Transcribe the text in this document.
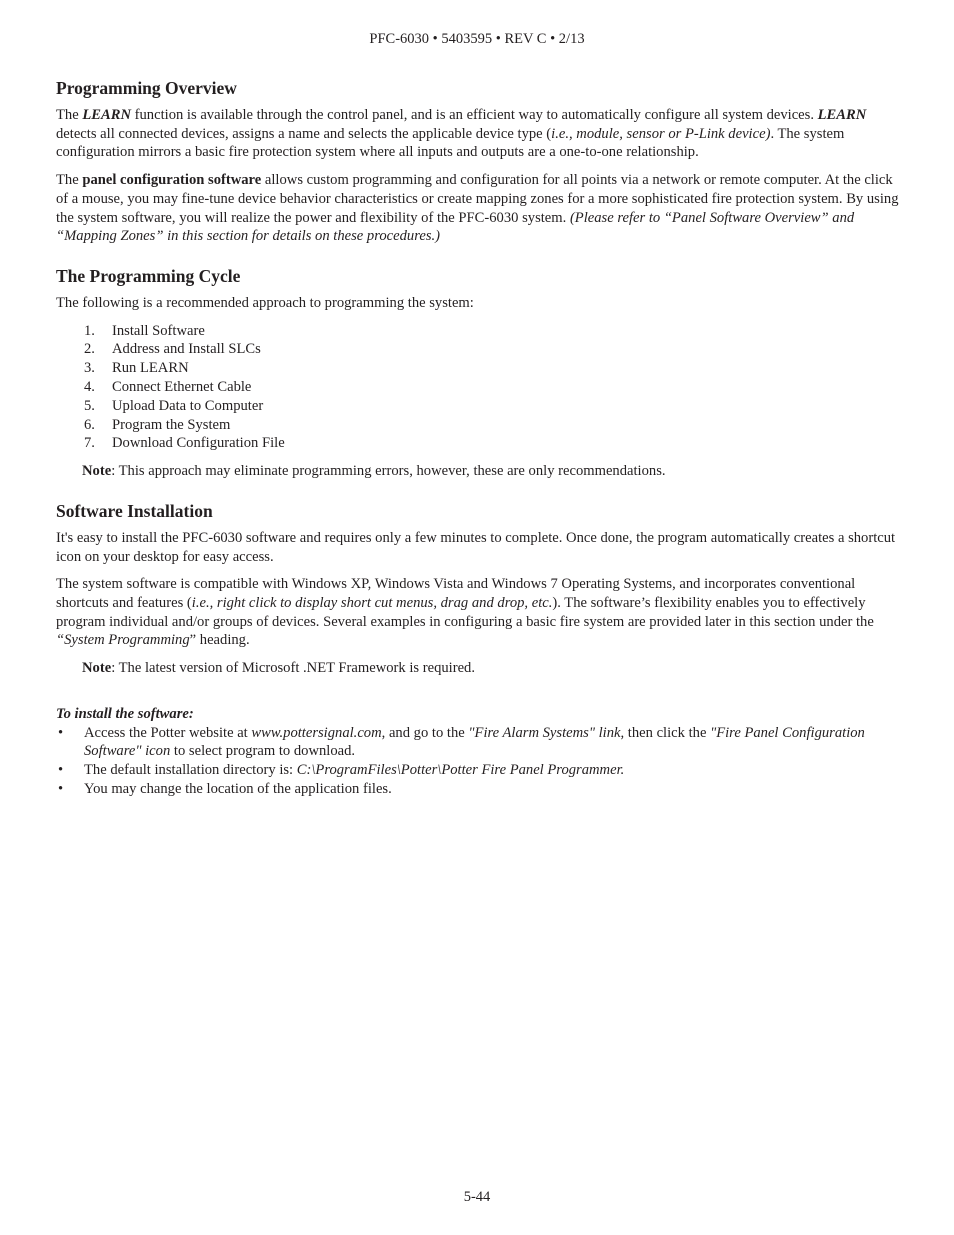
PFC-6030 • 5403595 • REV C • 2/13
Programming Overview

The LEARN function is available through the control panel, and is an efficient way to automatically configure all system devices. LEARN detects all connected devices, assigns a name and selects the applicable device type (i.e., module, sensor or P-Link device). The system configuration mirrors a basic fire protection system where all inputs and outputs are a one-to-one relationship.

The panel configuration software allows custom programming and configuration for all points via a network or remote computer. At the click of a mouse, you may fine-tune device behavior characteristics or create mapping zones for a more sophisticated fire protection system. By using the system software, you will realize the power and flexibility of the PFC-6030 system. (Please refer to “Panel Software Overview” and “Mapping Zones” in this section for details on these procedures.)

The Programming Cycle

The following is a recommended approach to programming the system:

1.	Install Software
2.	Address and Install SLCs
3.	Run LEARN
4.	Connect Ethernet Cable
5.	Upload Data to Computer
6.	Program the System
7.	Download Configuration File

Note: This approach may eliminate programming errors, however, these are only recommendations.

Software Installation

It's easy to install the PFC-6030 software and requires only a few minutes to complete. Once done, the program automatically creates a shortcut icon on your desktop for easy access.

The system software is compatible with Windows XP, Windows Vista and Windows 7 Operating Systems, and incorporates conventional shortcuts and features (i.e., right click to display short cut menus, drag and drop, etc.). The software’s flexibility enables you to effectively program individual and/or groups of devices. Several examples in configuring a basic fire system are provided later in this section under the “System Programming” heading.

Note: The latest version of Microsoft .NET Framework is required.

To install the software:
•	Access the Potter website at www.pottersignal.com, and go to the "Fire Alarm Systems" link, then click the "Fire Panel Configuration Software" icon to select program to download.
•	The default installation directory is: C:\ProgramFiles\Potter\Potter Fire Panel Programmer.
•	You may change the location of the application files.
5-44
